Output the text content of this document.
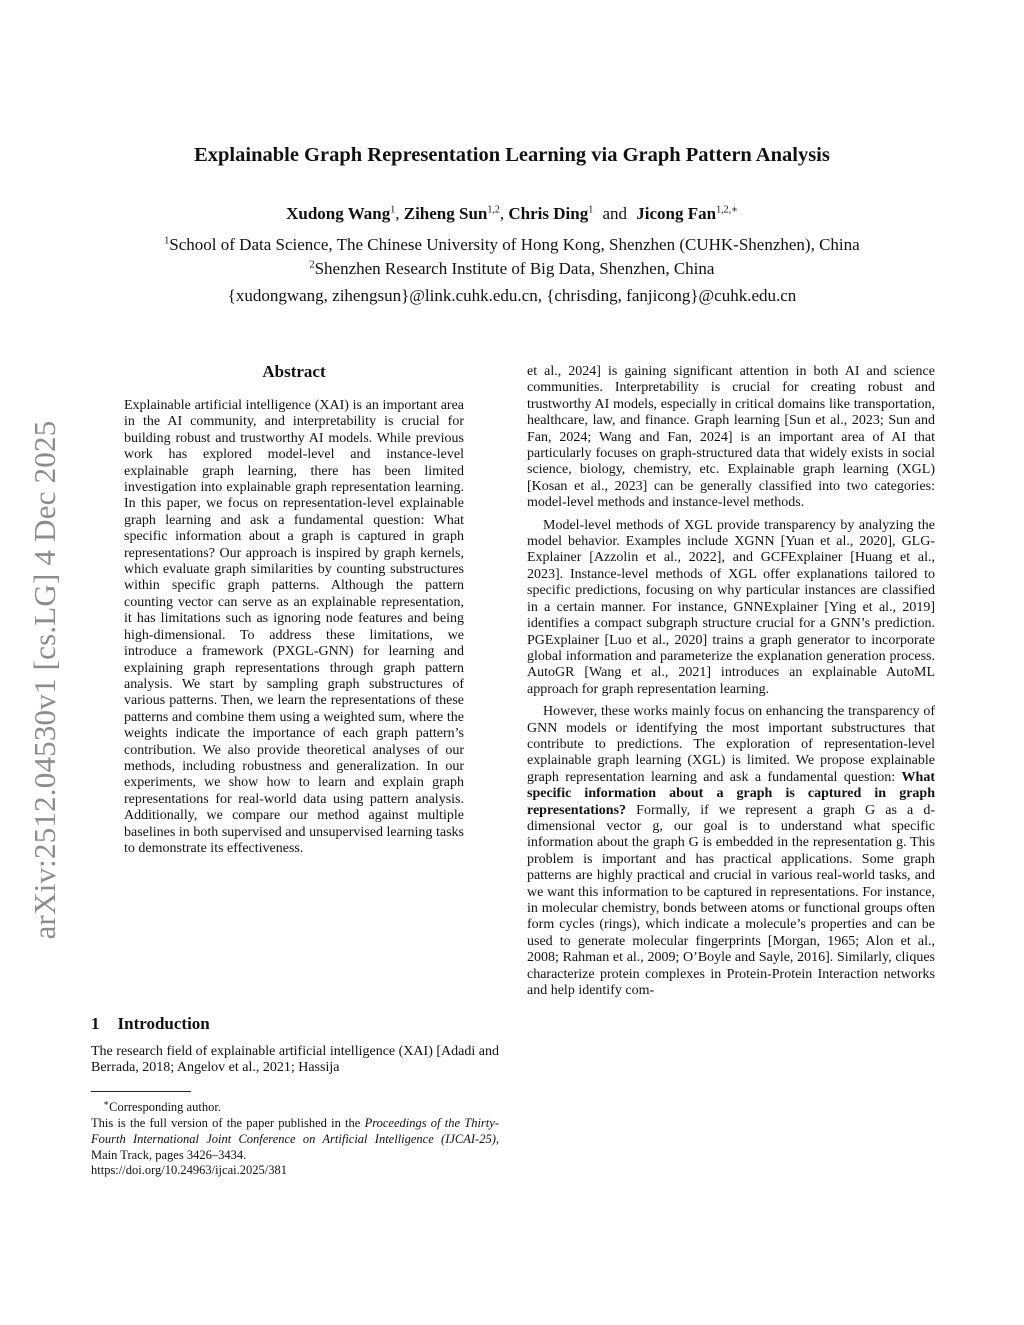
arXiv:2512.04530v1 [cs.LG] 4 Dec 2025
Explainable Graph Representation Learning via Graph Pattern Analysis
Xudong Wang$^1$, Ziheng Sun$^{1,2}$, Chris Ding$^1$ and Jicong Fan$^{1,2,∗}$
$^1$School of Data Science, The Chinese University of Hong Kong, Shenzhen (CUHK-Shenzhen), China
$^2$Shenzhen Research Institute of Big Data, Shenzhen, China
{xudongwang, zihengsun}@link.cuhk.edu.cn, {chrisding, fanjicong}@cuhk.edu.cn
Abstract

Explainable artificial intelligence (XAI) is an important area in the AI community, and interpretability is crucial for building robust and trustworthy AI models. While previous work has explored model-level and instance-level explainable graph learning, there has been limited investigation into explainable graph representation learning. In this paper, we focus on representation-level explainable graph learning and ask a fundamental question: What specific information about a graph is captured in graph representations? Our approach is inspired by graph kernels, which evaluate graph similarities by counting substructures within specific graph patterns. Although the pattern counting vector can serve as an explainable representation, it has limitations such as ignoring node features and being high-dimensional. To address these limitations, we introduce a framework (PXGL-GNN) for learning and explaining graph representations through graph pattern analysis. We start by sampling graph substructures of various patterns. Then, we learn the representations of these patterns and combine them using a weighted sum, where the weights indicate the importance of each graph pattern’s contribution. We also provide theoretical analyses of our methods, including robustness and generalization. In our experiments, we show how to learn and explain graph representations for real-world data using pattern analysis. Additionally, we compare our method against multiple baselines in both supervised and unsupervised learning tasks to demonstrate its effectiveness.

1 Introduction

The research field of explainable artificial intelligence (XAI) [Adadi and Berrada, 2018; Angelov et al., 2021; Hassija

∗Corresponding author.

This is the full version of the paper published in the Proceedings of the Thirty-Fourth International Joint Conference on Artificial Intelligence (IJCAI-25), Main Track, pages 3426–3434.

https://doi.org/10.24963/ijcai.2025/381

et al., 2024] is gaining significant attention in both AI and science communities. Interpretability is crucial for creating robust and trustworthy AI models, especially in critical domains like transportation, healthcare, law, and finance. Graph learning [Sun et al., 2023; Sun and Fan, 2024; Wang and Fan, 2024] is an important area of AI that particularly focuses on graph-structured data that widely exists in social science, biology, chemistry, etc. Explainable graph learning (XGL) [Kosan et al., 2023] can be generally classified into two categories: model-level methods and instance-level methods.

Model-level methods of XGL provide transparency by analyzing the model behavior. Examples include XGNN [Yuan et al., 2020], GLG-Explainer [Azzolin et al., 2022], and GCFExplainer [Huang et al., 2023]. Instance-level methods of XGL offer explanations tailored to specific predictions, focusing on why particular instances are classified in a certain manner. For instance, GNNExplainer [Ying et al., 2019] identifies a compact subgraph structure crucial for a GNN’s prediction. PGExplainer [Luo et al., 2020] trains a graph generator to incorporate global information and parameterize the explanation generation process. AutoGR [Wang et al., 2021] introduces an explainable AutoML approach for graph representation learning.

However, these works mainly focus on enhancing the transparency of GNN models or identifying the most important substructures that contribute to predictions. The exploration of representation-level explainable graph learning (XGL) is limited. We propose explainable graph representation learning and ask a fundamental question: What specific information about a graph is captured in graph representations? Formally, if we represent a graph G as a d-dimensional vector g, our goal is to understand what specific information about the graph G is embedded in the representation g. This problem is important and has practical applications. Some graph patterns are highly practical and crucial in various real-world tasks, and we want this information to be captured in representations. For instance, in molecular chemistry, bonds between atoms or functional groups often form cycles (rings), which indicate a molecule’s properties and can be used to generate molecular fingerprints [Morgan, 1965; Alon et al., 2008; Rahman et al., 2009; O’Boyle and Sayle, 2016]. Similarly, cliques characterize protein complexes in Protein-Protein Interaction networks and help identify com-
